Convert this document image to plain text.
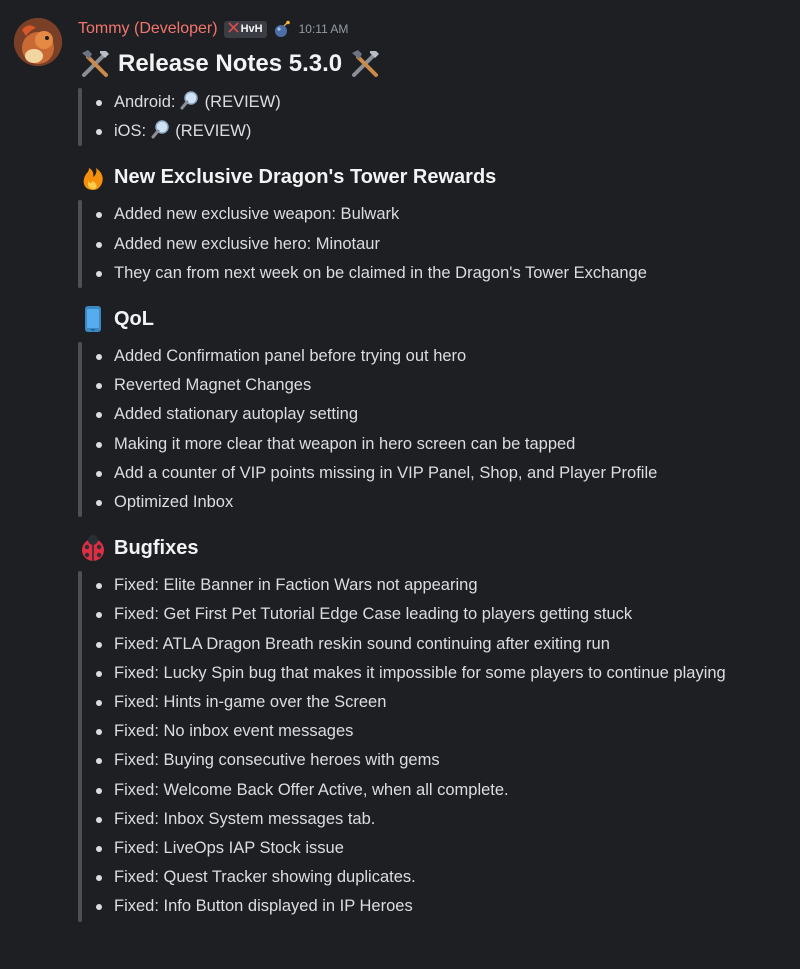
Tommy (Developer) HvH	10:11 AM
Release Notes 5.3.0
Android: (REVIEW)
iOS: (REVIEW)
New Exclusive Dragon's Tower Rewards
Added new exclusive weapon: Bulwark
Added new exclusive hero: Minotaur
They can from next week on be claimed in the Dragon's Tower Exchange
QoL
Added Confirmation panel before trying out hero
Reverted Magnet Changes
Added stationary autoplay setting
Making it more clear that weapon in hero screen can be tapped
Add a counter of VIP points missing in VIP Panel, Shop, and Player Profile
Optimized Inbox
Bugfixes
Fixed: Elite Banner in Faction Wars not appearing
Fixed: Get First Pet Tutorial Edge Case leading to players getting stuck
Fixed: ATLA Dragon Breath reskin sound continuing after exiting run
Fixed: Lucky Spin bug that makes it impossible for some players to continue playing
Fixed: Hints in-game over the Screen
Fixed: No inbox event messages
Fixed: Buying consecutive heroes with gems
Fixed: Welcome Back Offer Active, when all complete.
Fixed: Inbox System messages tab.
Fixed: LiveOps IAP Stock issue
Fixed: Quest Tracker showing duplicates.
Fixed: Info Button displayed in IP Heroes
